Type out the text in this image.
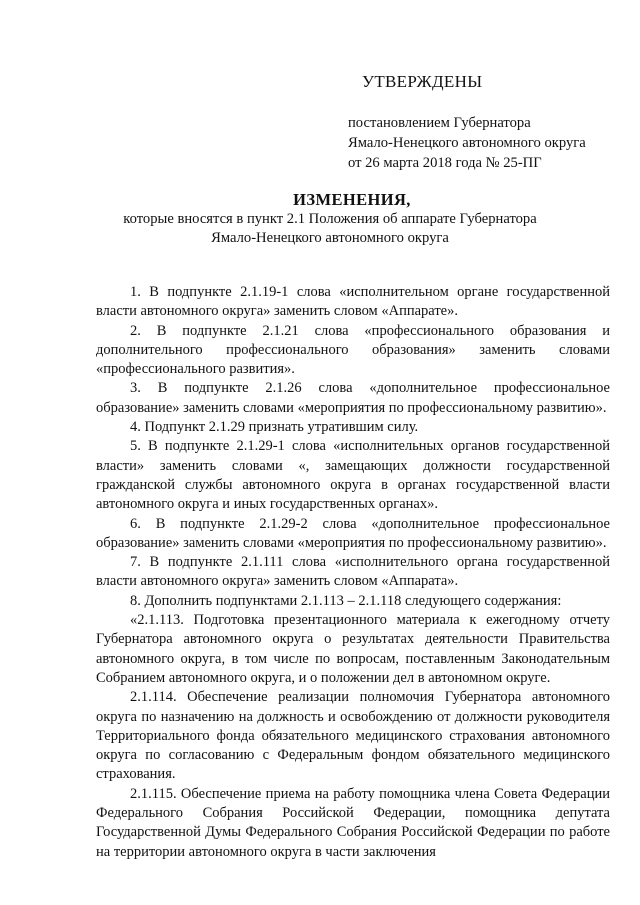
УТВЕРЖДЕНЫ
постановлением Губернатора
Ямало-Ненецкого автономного округа
от 26 марта 2018 года № 25-ПГ
ИЗМЕНЕНИЯ,
которые вносятся в пункт 2.1 Положения об аппарате Губернатора
Ямало-Ненецкого автономного округа

1. В подпункте 2.1.19-1 слова «исполнительном органе государственной власти автономного округа» заменить словом «Аппарате».

2. В подпункте 2.1.21 слова «профессионального образования и дополнительного профессионального образования» заменить словами «профессионального развития».

3. В подпункте 2.1.26 слова «дополнительное профессиональное образование» заменить словами «мероприятия по профессиональному развитию».

4. Подпункт 2.1.29 признать утратившим силу.

5. В подпункте 2.1.29-1 слова «исполнительных органов государственной власти» заменить словами «, замещающих должности государственной гражданской службы автономного округа в органах государственной власти автономного округа и иных государственных органах».

6. В подпункте 2.1.29-2 слова «дополнительное профессиональное образование» заменить словами «мероприятия по профессиональному развитию».

7. В подпункте 2.1.111 слова «исполнительного органа государственной власти автономного округа» заменить словом «Аппарата».

8. Дополнить подпунктами 2.1.113 – 2.1.118 следующего содержания:

«2.1.113. Подготовка презентационного материала к ежегодному отчету Губернатора автономного округа о результатах деятельности Правительства автономного округа, в том числе по вопросам, поставленным Законодательным Собранием автономного округа, и о положении дел в автономном округе.

2.1.114. Обеспечение реализации полномочия Губернатора автономного округа по назначению на должность и освобождению от должности руководителя Территориального фонда обязательного медицинского страхования автономного округа по согласованию с Федеральным фондом обязательного медицинского страхования.

2.1.115. Обеспечение приема на работу помощника члена Совета Федерации Федерального Собрания Российской Федерации, помощника депутата Государственной Думы Федерального Собрания Российской Федерации по работе на территории автономного округа в части заключения
